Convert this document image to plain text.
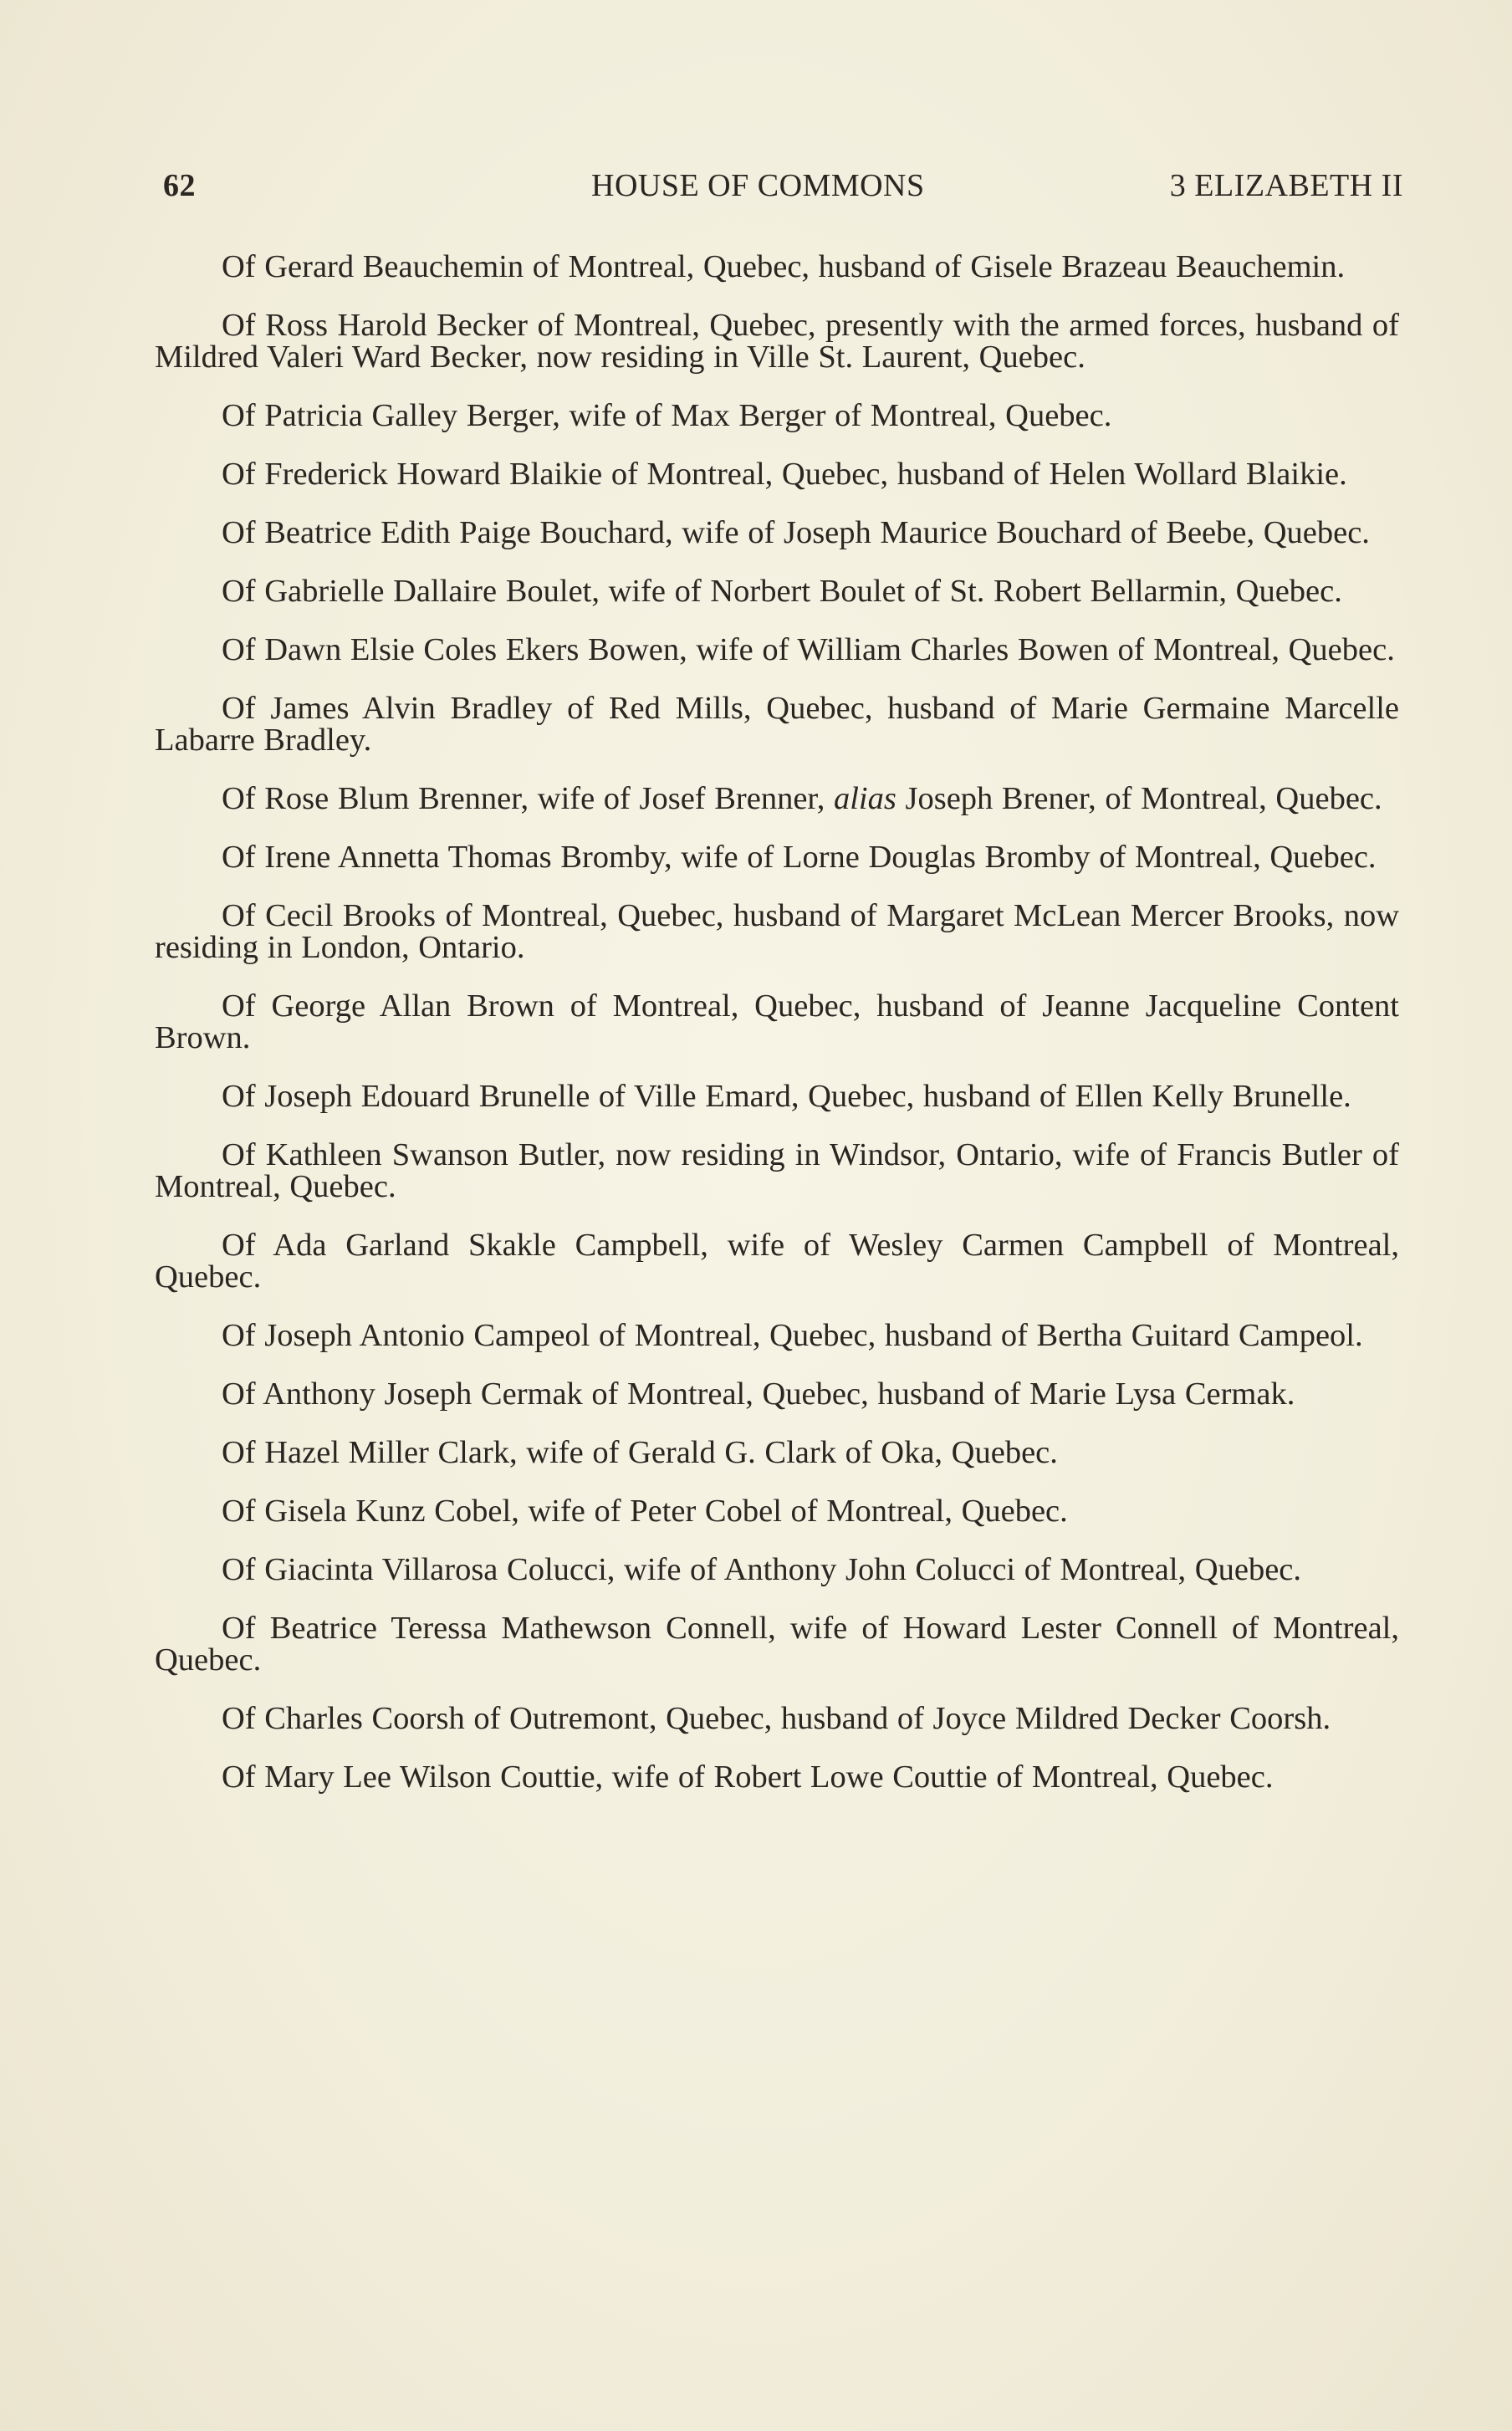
62	HOUSE OF COMMONS	3 ELIZABETH II

Of Gerard Beauchemin of Montreal, Quebec, husband of Gisele Brazeau Beauchemin.

Of Ross Harold Becker of Montreal, Quebec, presently with the armed forces, husband of Mildred Valeri Ward Becker, now residing in Ville St. Laurent, Quebec.

Of Patricia Galley Berger, wife of Max Berger of Montreal, Quebec.

Of Frederick Howard Blaikie of Montreal, Quebec, husband of Helen Wollard Blaikie.

Of Beatrice Edith Paige Bouchard, wife of Joseph Maurice Bouchard of Beebe, Quebec.

Of Gabrielle Dallaire Boulet, wife of Norbert Boulet of St. Robert Bellarmin, Quebec.

Of Dawn Elsie Coles Ekers Bowen, wife of William Charles Bowen of Montreal, Quebec.

Of James Alvin Bradley of Red Mills, Quebec, husband of Marie Germaine Marcelle Labarre Bradley.

Of Rose Blum Brenner, wife of Josef Brenner, alias Joseph Brener, of Montreal, Quebec.

Of Irene Annetta Thomas Bromby, wife of Lorne Douglas Bromby of Montreal, Quebec.

Of Cecil Brooks of Montreal, Quebec, husband of Margaret McLean Mercer Brooks, now residing in London, Ontario.

Of George Allan Brown of Montreal, Quebec, husband of Jeanne Jacqueline Content Brown.

Of Joseph Edouard Brunelle of Ville Emard, Quebec, husband of Ellen Kelly Brunelle.

Of Kathleen Swanson Butler, now residing in Windsor, Ontario, wife of Francis Butler of Montreal, Quebec.

Of Ada Garland Skakle Campbell, wife of Wesley Carmen Campbell of Montreal, Quebec.

Of Joseph Antonio Campeol of Montreal, Quebec, husband of Bertha Guitard Campeol.

Of Anthony Joseph Cermak of Montreal, Quebec, husband of Marie Lysa Cermak.

Of Hazel Miller Clark, wife of Gerald G. Clark of Oka, Quebec.

Of Gisela Kunz Cobel, wife of Peter Cobel of Montreal, Quebec.

Of Giacinta Villarosa Colucci, wife of Anthony John Colucci of Montreal, Quebec.

Of Beatrice Teressa Mathewson Connell, wife of Howard Lester Connell of Montreal, Quebec.

Of Charles Coorsh of Outremont, Quebec, husband of Joyce Mildred Decker Coorsh.

Of Mary Lee Wilson Couttie, wife of Robert Lowe Couttie of Montreal, Quebec.
